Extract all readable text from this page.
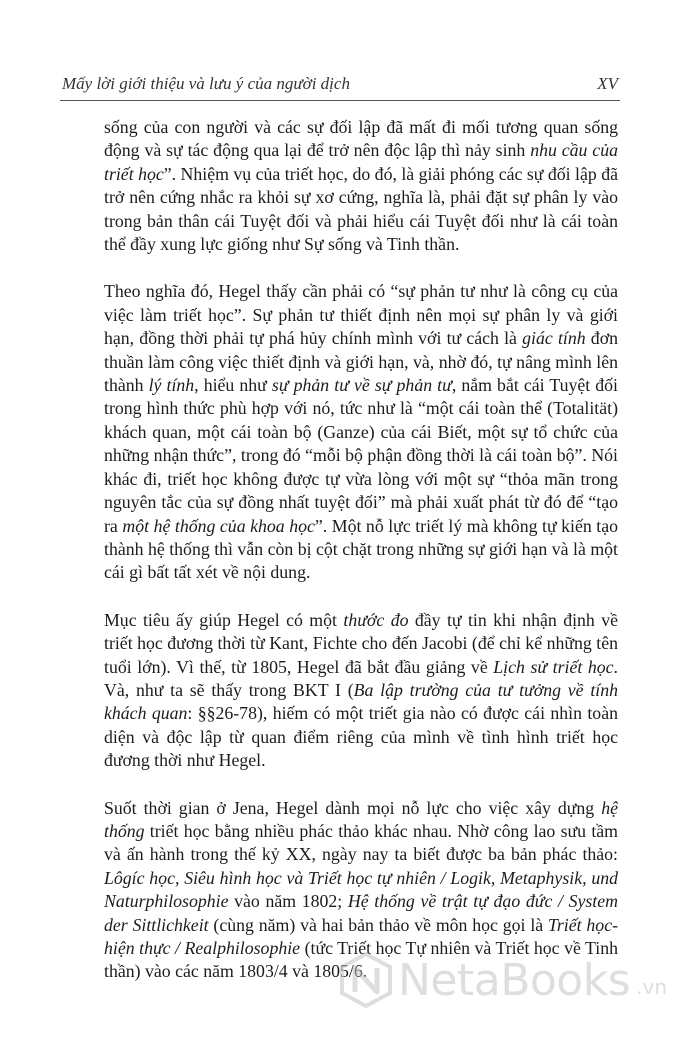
Mấy lời giới thiệu và lưu ý của người dịch	XV

sống của con người và các sự đối lập đã mất đi mối tương quan sống động và sự tác động qua lại để trở nên độc lập thì nảy sinh nhu cầu của triết học”. Nhiệm vụ của triết học, do đó, là giải phóng các sự đối lập đã trở nên cứng nhắc ra khỏi sự xơ cứng, nghĩa là, phải đặt sự phân ly vào trong bản thân cái Tuyệt đối và phải hiểu cái Tuyệt đối như là cái toàn thể đầy xung lực giống như Sự sống và Tinh thần.

Theo nghĩa đó, Hegel thấy cần phải có “sự phản tư như là công cụ của việc làm triết học”. Sự phản tư thiết định nên mọi sự phân ly và giới hạn, đồng thời phải tự phá hủy chính mình với tư cách là giác tính đơn thuần làm công việc thiết định và giới hạn, và, nhờ đó, tự nâng mình lên thành lý tính, hiểu như sự phản tư về sự phản tư, nắm bắt cái Tuyệt đối trong hình thức phù hợp với nó, tức như là “một cái toàn thể (Totalität) khách quan, một cái toàn bộ (Ganze) của cái Biết, một sự tổ chức của những nhận thức”, trong đó “mỗi bộ phận đồng thời là cái toàn bộ”. Nói khác đi, triết học không được tự vừa lòng với một sự “thỏa mãn trong nguyên tắc của sự đồng nhất tuyệt đối” mà phải xuất phát từ đó để “tạo ra một hệ thống của khoa học”. Một nỗ lực triết lý mà không tự kiến tạo thành hệ thống thì vẫn còn bị cột chặt trong những sự giới hạn và là một cái gì bất tất xét về nội dung.

Mục tiêu ấy giúp Hegel có một thước đo đầy tự tin khi nhận định về triết học đương thời từ Kant, Fichte cho đến Jacobi (để chỉ kể những tên tuổi lớn). Vì thế, từ 1805, Hegel đã bắt đầu giảng về Lịch sử triết học. Và, như ta sẽ thấy trong BKT I (Ba lập trường của tư tưởng về tính khách quan: §§26-78), hiếm có một triết gia nào có được cái nhìn toàn diện và độc lập từ quan điểm riêng của mình về tình hình triết học đương thời như Hegel.

Suốt thời gian ở Jena, Hegel dành mọi nỗ lực cho việc xây dựng hệ thống triết học bằng nhiều phác thảo khác nhau. Nhờ công lao sưu tầm và ấn hành trong thế kỷ XX, ngày nay ta biết được ba bản phác thảo: Lôgíc học, Siêu hình học và Triết học tự nhiên / Logik, Metaphysik, und Naturphilosophie vào năm 1802; Hệ thống về trật tự đạo đức / System der Sittlichkeit (cùng năm) và hai bản thảo về môn học gọi là Triết học-hiện thực / Realphilosophie (tức Triết học Tự nhiên và Triết học về Tinh thần) vào các năm 1803/4 và 1805/6. NetaBooks .vn
